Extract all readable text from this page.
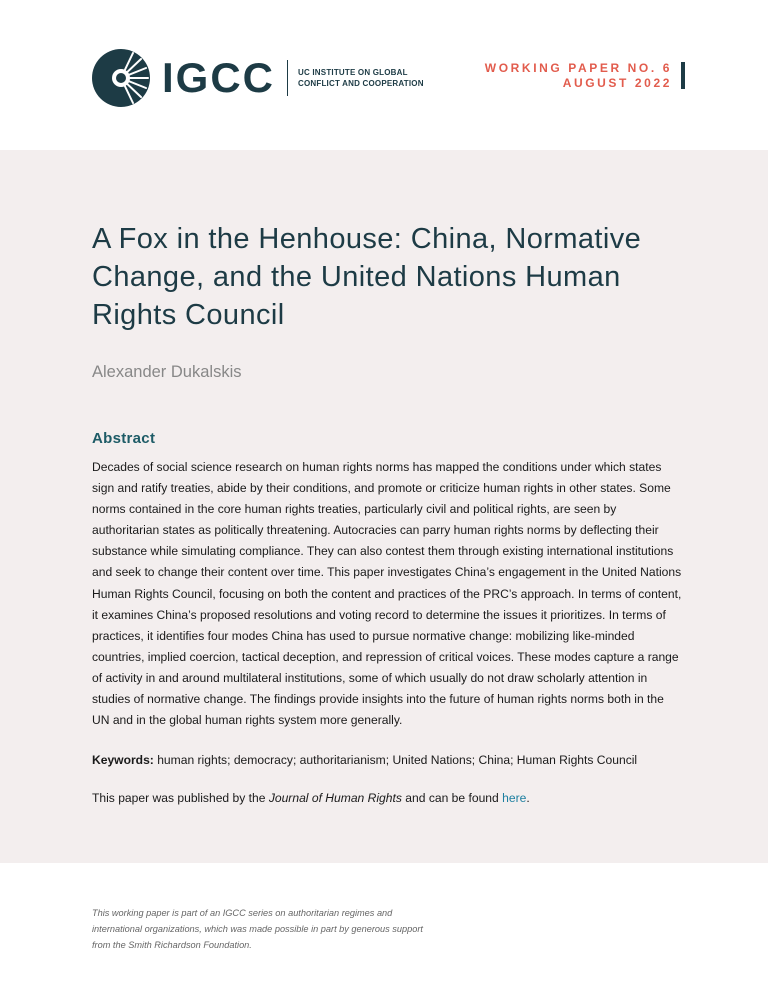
IGCC	UC INSTITUTE ON GLOBAL
CONFLICT AND COOPERATION
WORKING PAPER NO. 6
AUGUST 2022
A Fox in the Henhouse: China, Normative Change, and the United Nations Human Rights Council
Alexander Dukalskis
Abstract

Decades of social science research on human rights norms has mapped the conditions under which states sign and ratify treaties, abide by their conditions, and promote or criticize human rights in other states. Some norms contained in the core human rights treaties, particularly civil and political rights, are seen by authoritarian states as politically threatening. Autocracies can parry human rights norms by deflecting their substance while simulating compliance. They can also contest them through existing international institutions and seek to change their content over time. This paper investigates China’s engagement in the United Nations Human Rights Council, focusing on both the content and practices of the PRC’s approach. In terms of content, it examines China’s proposed resolutions and voting record to determine the issues it prioritizes. In terms of practices, it identifies four modes China has used to pursue normative change: mobilizing like-minded countries, implied coercion, tactical deception, and repression of critical voices. These modes capture a range of activity in and around multilateral institutions, some of which usually do not draw scholarly attention in studies of normative change. The findings provide insights into the future of human rights norms both in the UN and in the global human rights system more generally.

Keywords: human rights; democracy; authoritarianism; United Nations; China; Human Rights Council

This paper was published by the Journal of Human Rights and can be found here.

This working paper is part of an IGCC series on authoritarian regimes and international organizations, which was made possible in part by generous support from the Smith Richardson Foundation.
